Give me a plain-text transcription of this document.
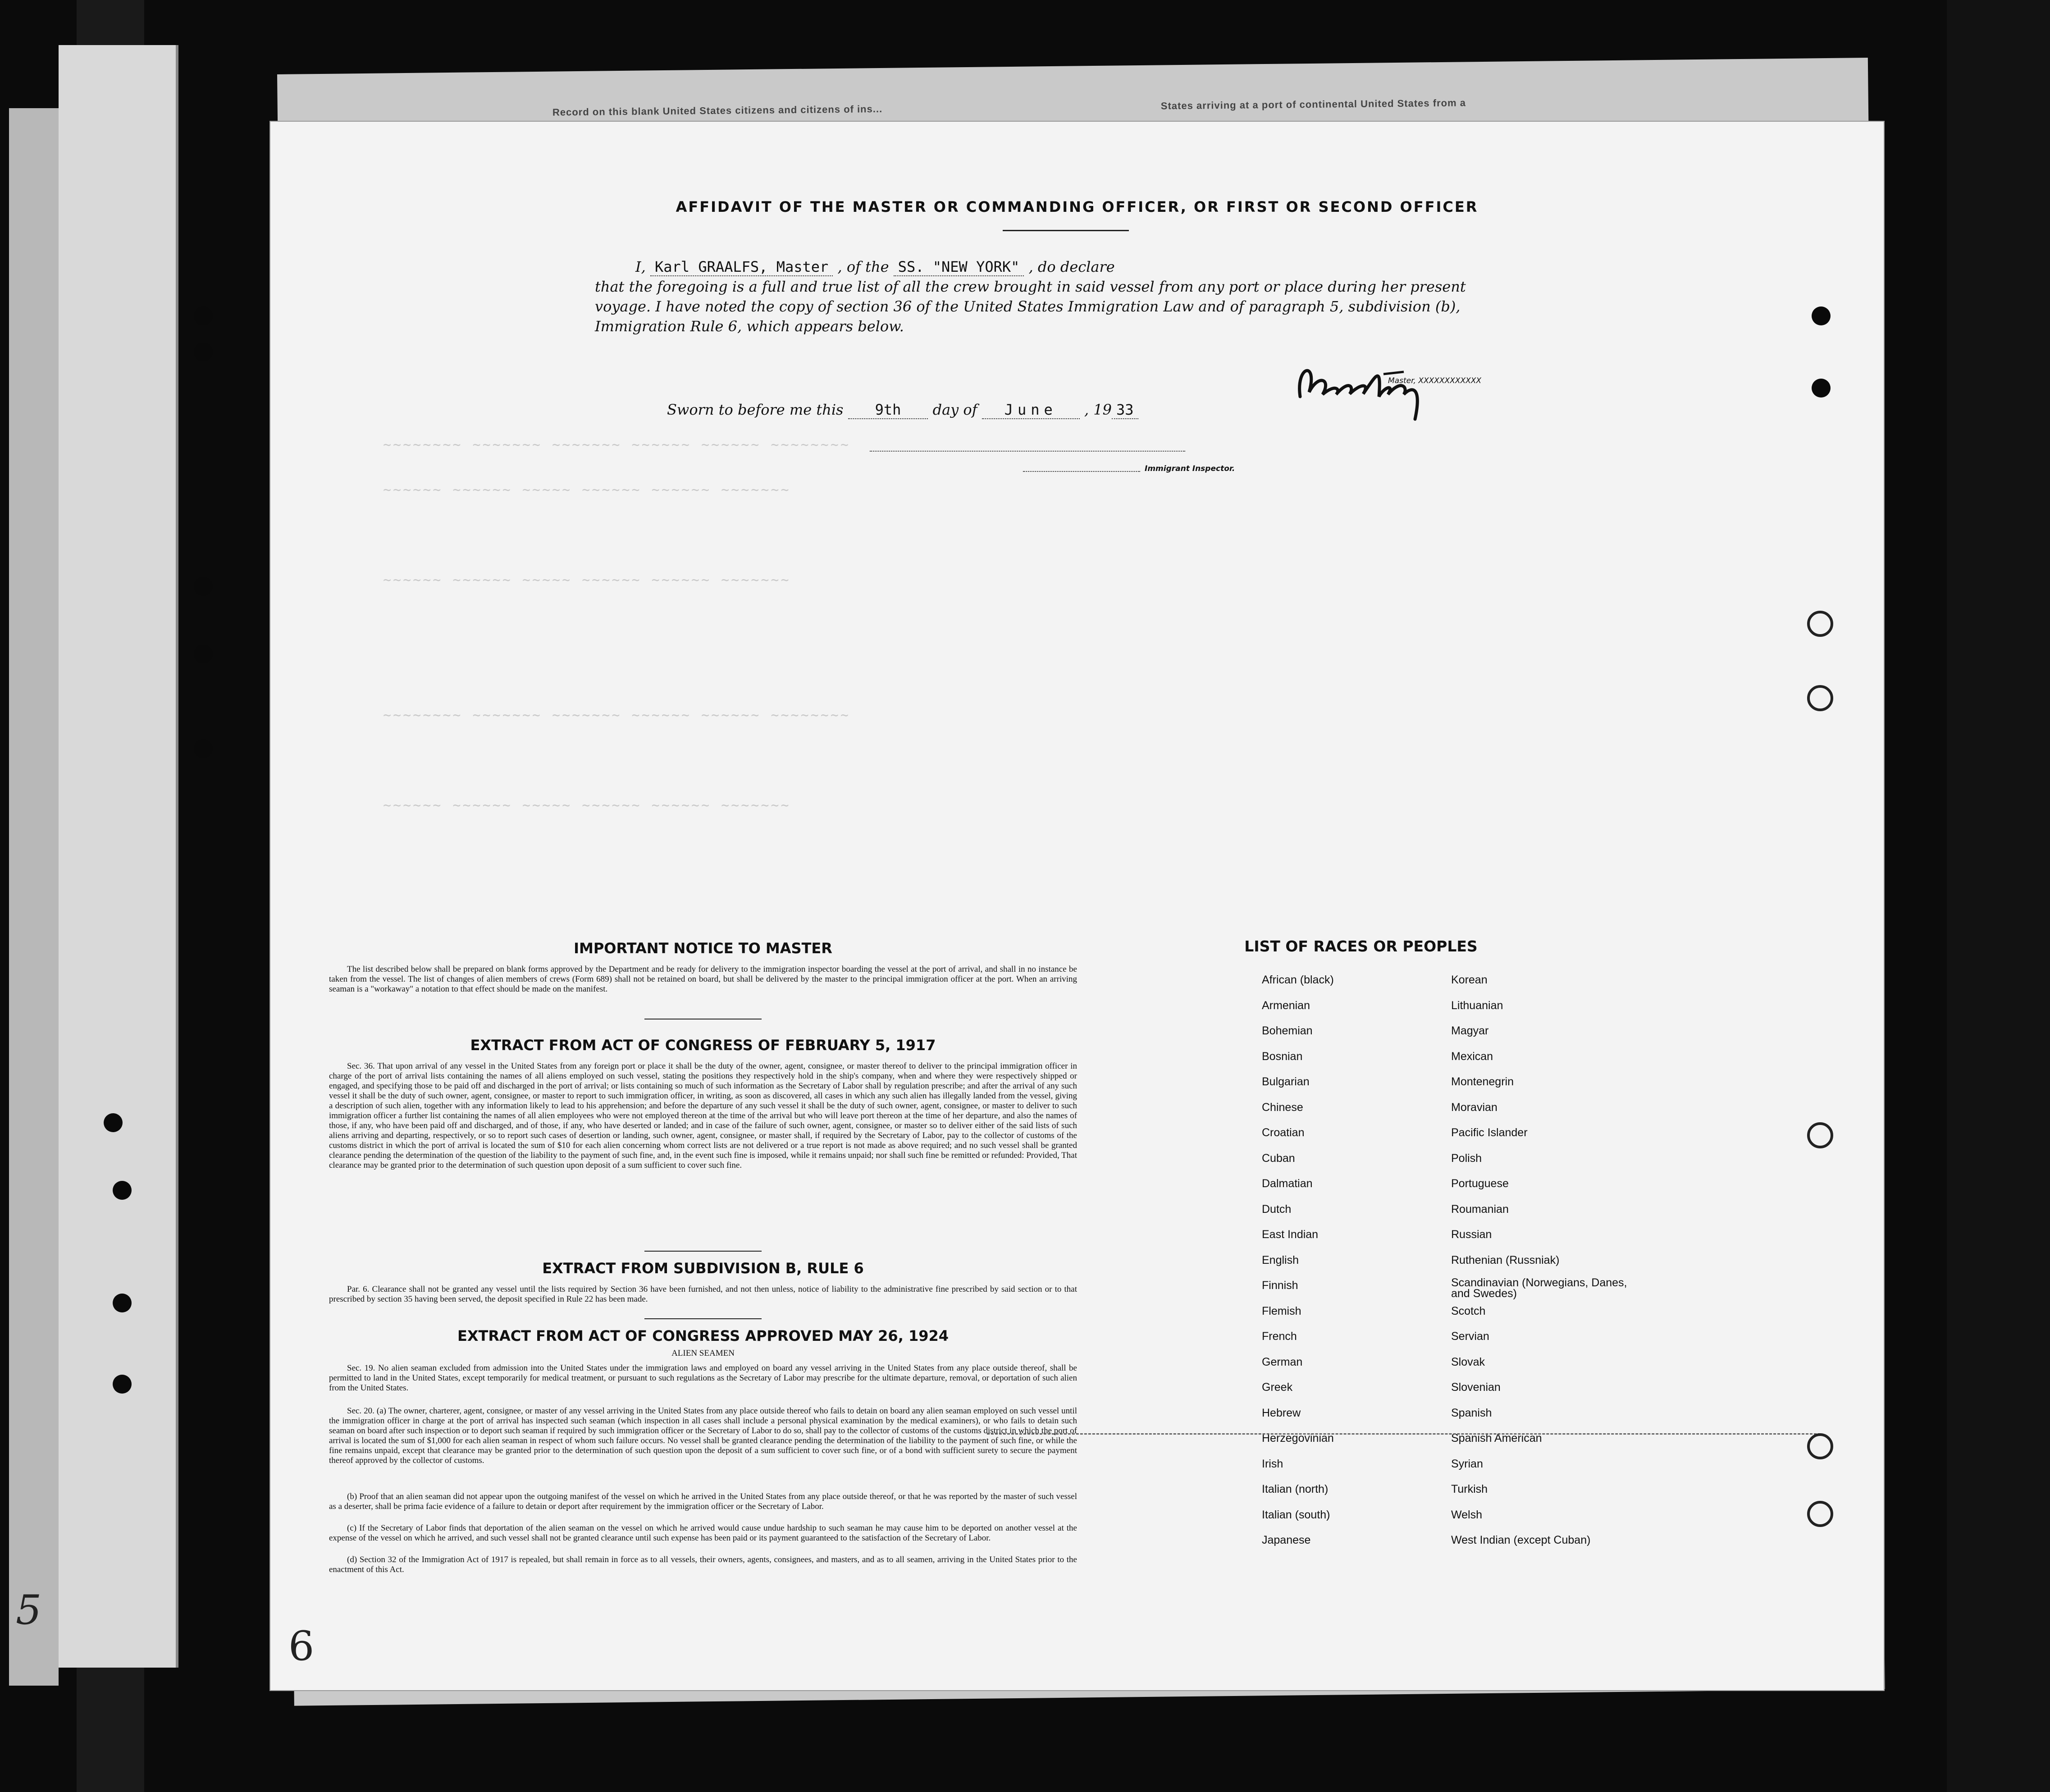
5
Record on this blank United States citizens and citizens of ins...	States arriving at a port of continental United States from a
~~~~~~~~ ~~~~~~~ ~~~~~~~ ~~~~~~ ~~~~~~ ~~~~~~~~
~~~~~~ ~~~~~~ ~~~~~ ~~~~~~ ~~~~~~ ~~~~~~~
~~~~~~ ~~~~~~ ~~~~~ ~~~~~~ ~~~~~~ ~~~~~~~
~~~~~~~~ ~~~~~~~ ~~~~~~~ ~~~~~~ ~~~~~~ ~~~~~~~~
~~~~~~ ~~~~~~ ~~~~~ ~~~~~~ ~~~~~~ ~~~~~~~
AFFIDAVIT OF THE MASTER OR COMMANDING OFFICER, OR FIRST OR SECOND OFFICER
I, Karl GRAALFS, Master , of the SS. "NEW YORK" , do declare
that the foregoing is a full and true list of all the crew brought in said vessel from any port or place during her present
voyage. I have noted the copy of section 36 of the United States Immigration Law and of paragraph 5, subdivision (b),
Immigration Rule 6, which appears below.
Master, XXXXXXXXXXXX
Sworn to before me this 9th day of June , 19 33
Immigrant Inspector.
IMPORTANT NOTICE TO MASTER
The list described below shall be prepared on blank forms approved by the Department and be ready for delivery to the immigration inspector boarding the vessel at the port of arrival, and shall in no instance be taken from the vessel. The list of changes of alien members of crews (Form 689) shall not be retained on board, but shall be delivered by the master to the principal immigration officer at the port. When an arriving seaman is a "workaway" a notation to that effect should be made on the manifest.
EXTRACT FROM ACT OF CONGRESS OF FEBRUARY 5, 1917
Sec. 36. That upon arrival of any vessel in the United States from any foreign port or place it shall be the duty of the owner, agent, consignee, or master thereof to deliver to the principal immigration officer in charge of the port of arrival lists containing the names of all aliens employed on such vessel, stating the positions they respectively hold in the ship's company, when and where they were respectively shipped or engaged, and specifying those to be paid off and discharged in the port of arrival; or lists containing so much of such information as the Secretary of Labor shall by regulation prescribe; and after the arrival of any such vessel it shall be the duty of such owner, agent, consignee, or master to report to such immigration officer, in writing, as soon as discovered, all cases in which any such alien has illegally landed from the vessel, giving a description of such alien, together with any information likely to lead to his apprehension; and before the departure of any such vessel it shall be the duty of such owner, agent, consignee, or master to deliver to such immigration officer a further list containing the names of all alien employees who were not employed thereon at the time of the arrival but who will leave port thereon at the time of her departure, and also the names of those, if any, who have been paid off and discharged, and of those, if any, who have deserted or landed; and in case of the failure of such owner, agent, consignee, or master so to deliver either of the said lists of such aliens arriving and departing, respectively, or so to report such cases of desertion or landing, such owner, agent, consignee, or master shall, if required by the Secretary of Labor, pay to the collector of customs of the customs district in which the port of arrival is located the sum of $10 for each alien concerning whom correct lists are not delivered or a true report is not made as above required; and no such vessel shall be granted clearance pending the determination of the question of the liability to the payment of such fine, and, in the event such fine is imposed, while it remains unpaid; nor shall such fine be remitted or refunded: Provided, That clearance may be granted prior to the determination of such question upon deposit of a sum sufficient to cover such fine.
EXTRACT FROM SUBDIVISION B, RULE 6
Par. 6. Clearance shall not be granted any vessel until the lists required by Section 36 have been furnished, and not then unless, notice of liability to the administrative fine prescribed by said section or to that prescribed by section 35 having been served, the deposit specified in Rule 22 has been made.
EXTRACT FROM ACT OF CONGRESS APPROVED MAY 26, 1924
ALIEN SEAMEN
Sec. 19. No alien seaman excluded from admission into the United States under the immigration laws and employed on board any vessel arriving in the United States from any place outside thereof, shall be permitted to land in the United States, except temporarily for medical treatment, or pursuant to such regulations as the Secretary of Labor may prescribe for the ultimate departure, removal, or deportation of such alien from the United States.
Sec. 20. (a) The owner, charterer, agent, consignee, or master of any vessel arriving in the United States from any place outside thereof who fails to detain on board any alien seaman employed on such vessel until the immigration officer in charge at the port of arrival has inspected such seaman (which inspection in all cases shall include a personal physical examination by the medical examiners), or who fails to detain such seaman on board after such inspection or to deport such seaman if required by such immigration officer or the Secretary of Labor to do so, shall pay to the collector of customs of the customs district in which the port of arrival is located the sum of $1,000 for each alien seaman in respect of whom such failure occurs. No vessel shall be granted clearance pending the determination of the liability to the payment of such fine, or while the fine remains unpaid, except that clearance may be granted prior to the determination of such question upon the deposit of a sum sufficient to cover such fine, or of a bond with sufficient surety to secure the payment thereof approved by the collector of customs.
(b) Proof that an alien seaman did not appear upon the outgoing manifest of the vessel on which he arrived in the United States from any place outside thereof, or that he was reported by the master of such vessel as a deserter, shall be prima facie evidence of a failure to detain or deport after requirement by the immigration officer or the Secretary of Labor.
(c) If the Secretary of Labor finds that deportation of the alien seaman on the vessel on which he arrived would cause undue hardship to such seaman he may cause him to be deported on another vessel at the expense of the vessel on which he arrived, and such vessel shall not be granted clearance until such expense has been paid or its payment guaranteed to the satisfaction of the Secretary of Labor.
(d) Section 32 of the Immigration Act of 1917 is repealed, but shall remain in force as to all vessels, their owners, agents, consignees, and masters, and as to all seamen, arriving in the United States prior to the enactment of this Act.
LIST OF RACES OR PEOPLES
African (black)
Armenian
Bohemian
Bosnian
Bulgarian
Chinese
Croatian
Cuban
Dalmatian
Dutch
East Indian
English
Finnish
Flemish
French
German
Greek
Hebrew
Herzegovinian
Irish
Italian (north)
Italian (south)
Japanese
Korean
Lithuanian
Magyar
Mexican
Montenegrin
Moravian
Pacific Islander
Polish
Portuguese
Roumanian
Russian
Ruthenian (Russniak)
Scandinavian (Norwegians, Danes, and Swedes)
Scotch
Servian
Slovak
Slovenian
Spanish
Spanish American
Syrian
Turkish
Welsh
West Indian (except Cuban)
6
